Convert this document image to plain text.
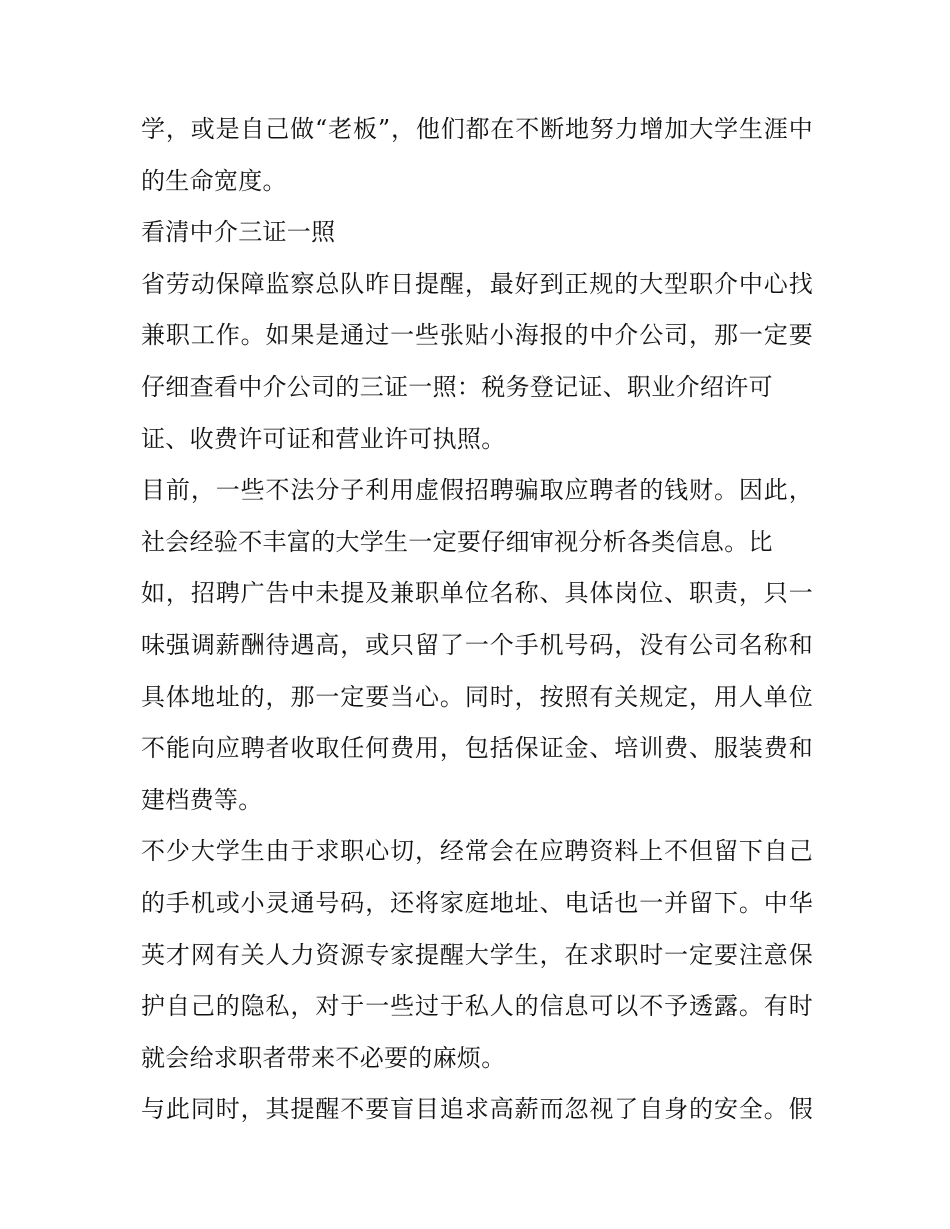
学，或是自己做“老板”，他们都在不断地努力增加大学生涯中
的生命宽度。
看清中介三证一照
省劳动保障监察总队昨日提醒，最好到正规的大型职介中心找
兼职工作。如果是通过一些张贴小海报的中介公司，那一定要
仔细查看中介公司的三证一照：税务登记证、职业介绍许可
证、收费许可证和营业许可执照。
目前，一些不法分子利用虚假招聘骗取应聘者的钱财。因此，
社会经验不丰富的大学生一定要仔细审视分析各类信息。比
如，招聘广告中未提及兼职单位名称、具体岗位、职责，只一
味强调薪酬待遇高，或只留了一个手机号码，没有公司名称和
具体地址的，那一定要当心。同时，按照有关规定，用人单位
不能向应聘者收取任何费用，包括保证金、培训费、服装费和
建档费等。
不少大学生由于求职心切，经常会在应聘资料上不但留下自己
的手机或小灵通号码，还将家庭地址、电话也一并留下。中华
英才网有关人力资源专家提醒大学生，在求职时一定要注意保
护自己的隐私，对于一些过于私人的信息可以不予透露。有时
就会给求职者带来不必要的麻烦。
与此同时，其提醒不要盲目追求高薪而忽视了自身的安全。假
